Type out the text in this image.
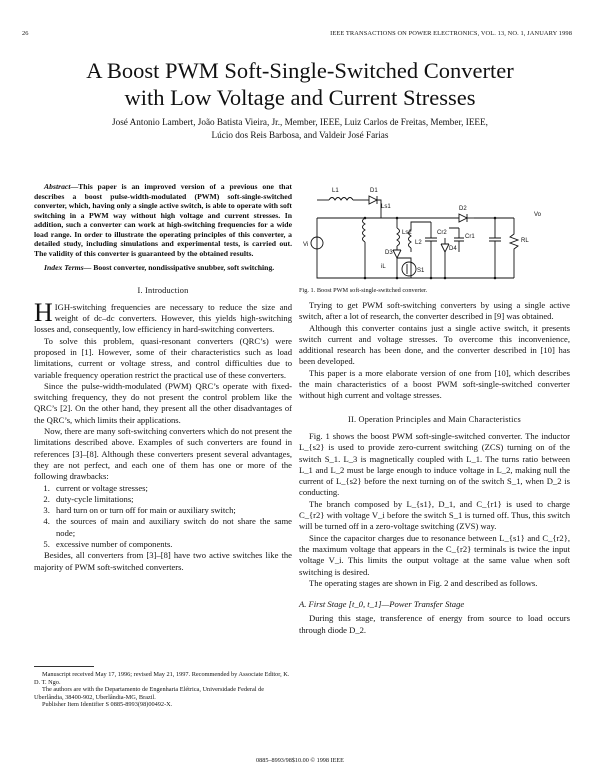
26	IEEE TRANSACTIONS ON POWER ELECTRONICS, VOL. 13, NO. 1, JANUARY 1998
A Boost PWM Soft-Single-Switched Converter
with Low Voltage and Current Stresses
José Antonio Lambert, João Batista Vieira, Jr., Member, IEEE, Luiz Carlos de Freitas, Member, IEEE,
Lúcio dos Reis Barbosa, and Valdeir José Farias

Abstract—This paper is an improved version of a previous one that describes a boost pulse-width-modulated (PWM) soft-single-switched converter, which, having only a single active switch, is able to operate with soft switching in a PWM way without high voltage and current stresses. In addition, such a converter can work at high-switching frequencies for a wide load range. In order to illustrate the operating principles of this converter, a detailed study, including simulations and experimental tests, is carried out. The validity of this converter is guaranteed by the obtained results.

Index Terms— Boost converter, nondissipative snubber, soft switching.

I. Introduction

HIGH-switching frequencies are necessary to reduce the size and weight of dc–dc converters. However, this yields high-switching losses and, consequently, low efficiency in hard-switching converters.

To solve this problem, quasi-resonant converters (QRC’s) were proposed in [1]. However, some of their characteristics such as load limitations, current or voltage stress, and control difficulties due to variable frequency operation restrict the practical use of these converters.

Since the pulse-width-modulated (PWM) QRC’s operate with fixed-switching frequency, they do not present the control problem like the QRC’s [2]. On the other hand, they present all the other disadvantages of the QRC’s, which limits their applications.

Now, there are many soft-switching converters which do not present the limitations described above. Examples of such converters are found in references [3]–[8]. Although these converters present several advantages, they are not perfect, and each one of them has one or more of the following drawbacks:

1. current or voltage stresses;
2. duty-cycle limitations;
3. hard turn on or turn off for main or auxiliary switch;
4. the sources of main and auxiliary switch do not share the same node;
5. excessive number of components.

Besides, all converters from [3]–[8] have two active switches like the majority of PWM soft-switched converters.

Manuscript received May 17, 1996; revised May 21, 1997. Recommended by Associate Editor, K. D. T. Ngo.
The authors are with the Departamento de Engenharia Elétrica, Universidade Federal de Uberlândia, 38400-902, Uberlândia-MG, Brazil.
Publisher Item Identifier S 0885-8993(98)00492-X.
L1	D1
Ls1	D2
Vo
Vi
Ls2
D3
L2
Cr2
D4
Cr1
RL
S1
iL
Fig. 1. Boost PWM soft-single-switched converter.

Trying to get PWM soft-switching converters by using a single active switch, after a lot of research, the converter described in [9] was obtained.

Although this converter contains just a single active switch, it presents switch current and voltage stresses. To overcome this inconvenience, additional research has been done, and the converter described in [10] has been developed.

This paper is a more elaborate version of one from [10], which describes the main characteristics of a boost PWM soft-single-switched converter without high current and voltage stresses.

II. Operation Principles and Main Characteristics

Fig. 1 shows the boost PWM soft-single-switched converter. The inductor L_{s2} is used to provide zero-current switching (ZCS) turning on of the switch S_1. L_3 is magnetically coupled with L_1. The turns ratio between L_1 and L_2 must be large enough to induce voltage in L_2, making null the current of L_{s2} before the next turning on of the switch S_1, when D_2 is conducting.

The branch composed by L_{s1}, D_1, and C_{r1} is used to charge C_{r2} with voltage V_i before the switch S_1 is turned off. Thus, this switch will be turned off in a zero-voltage switching (ZVS) way.

Since the capacitor charges due to resonance between L_{s1} and C_{r2}, the maximum voltage that appears in the C_{r2} terminals is twice the input voltage V_i. This limits the output voltage at the same value when soft switching is desired.

The operating stages are shown in Fig. 2 and described as follows.

A. First Stage [t_0, t_1]—Power Transfer Stage

During this stage, transference of energy from source to load occurs through diode D_2.

0885–8993/98$10.00 © 1998 IEEE
